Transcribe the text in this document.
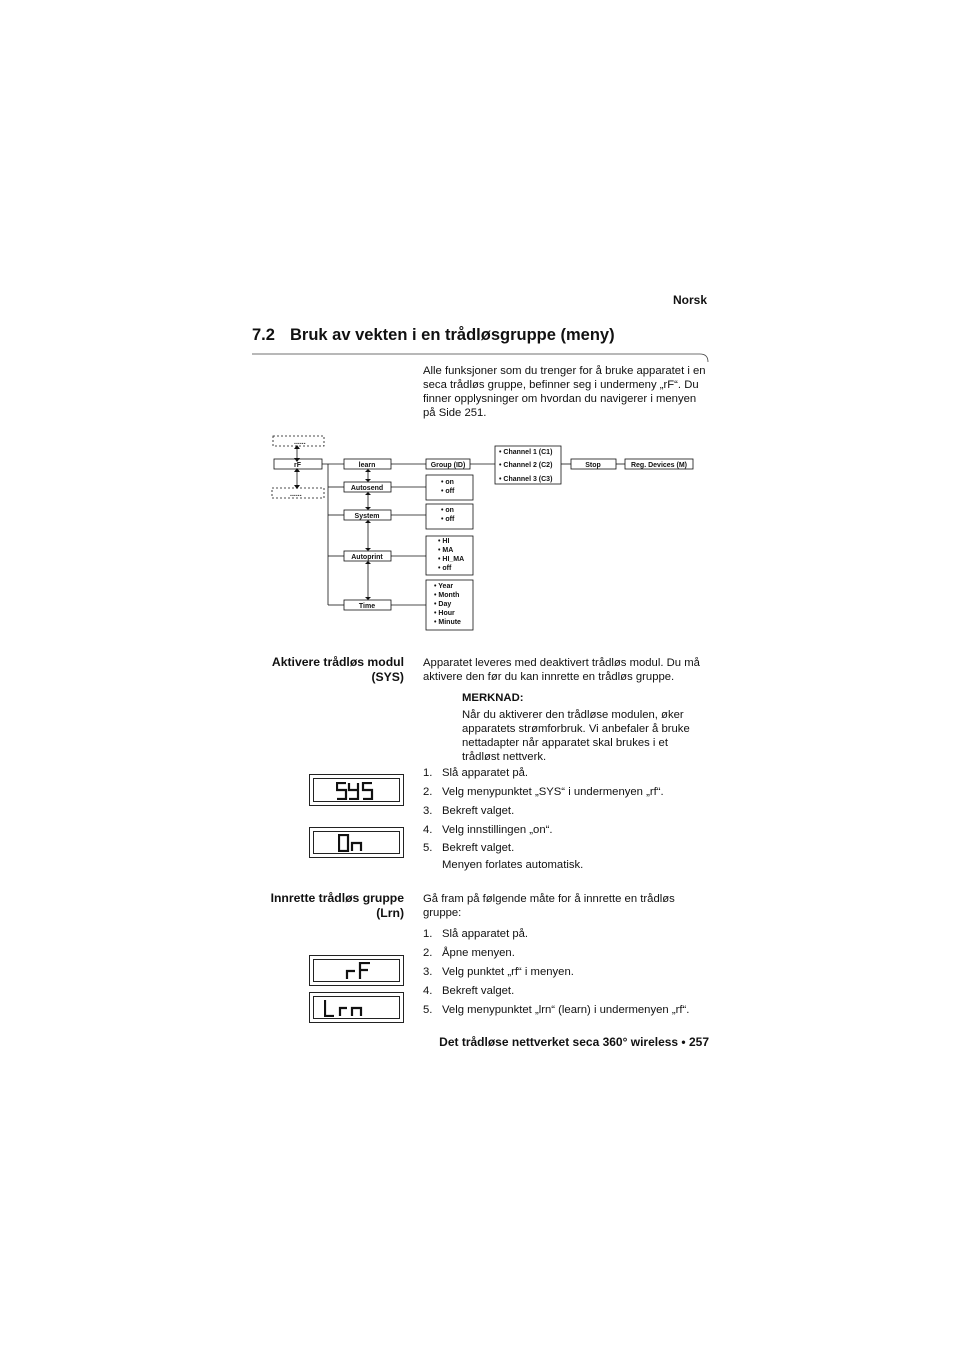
Norsk
7.2 Bruk av vekten i en trådløsgruppe (meny)
Alle funksjoner som du trenger for å bruke apparatet i en seca trådløs gruppe, befinner seg i undermeny „rF“. Du finner opplysninger om hvordan du navigerer i menyen på Side 251.
......
......
rF	learn
Autosend
System
Autoprint
Time
Group (ID)
• Channel 1 (C1)
• Channel 2 (C2)
• Channel 3 (C3)
Stop	Reg. Devices (M)
• on
• off
• on
• off
• HI
• MA
• HI_MA
• off
• Year
• Month
• Day
• Hour
• Minute
Aktivere trådløs modul
(SYS)
Apparatet leveres med deaktivert trådløs modul. Du må aktivere den før du kan innrette en trådløs gruppe.
MERKNAD:
Når du aktiverer den trådløse modulen, øker apparatets strømforbruk. Vi anbefaler å bruke nettadapter når apparatet skal brukes i et trådløst nettverk.
1. Slå apparatet på.
2. Velg menypunktet „SYS“ i undermenyen „rf“.
3. Bekreft valget.
4. Velg innstillingen „on“.
5. Bekreft valget.
Menyen forlates automatisk.
Innrette trådløs gruppe
(Lrn)
Gå fram på følgende måte for å innrette en trådløs gruppe:
1. Slå apparatet på.
2. Åpne menyen.
3. Velg punktet „rf“ i menyen.
4. Bekreft valget.
5. Velg menypunktet „lrn“ (learn) i undermenyen „rf“.
Det trådløse nettverket seca 360° wireless • 257
